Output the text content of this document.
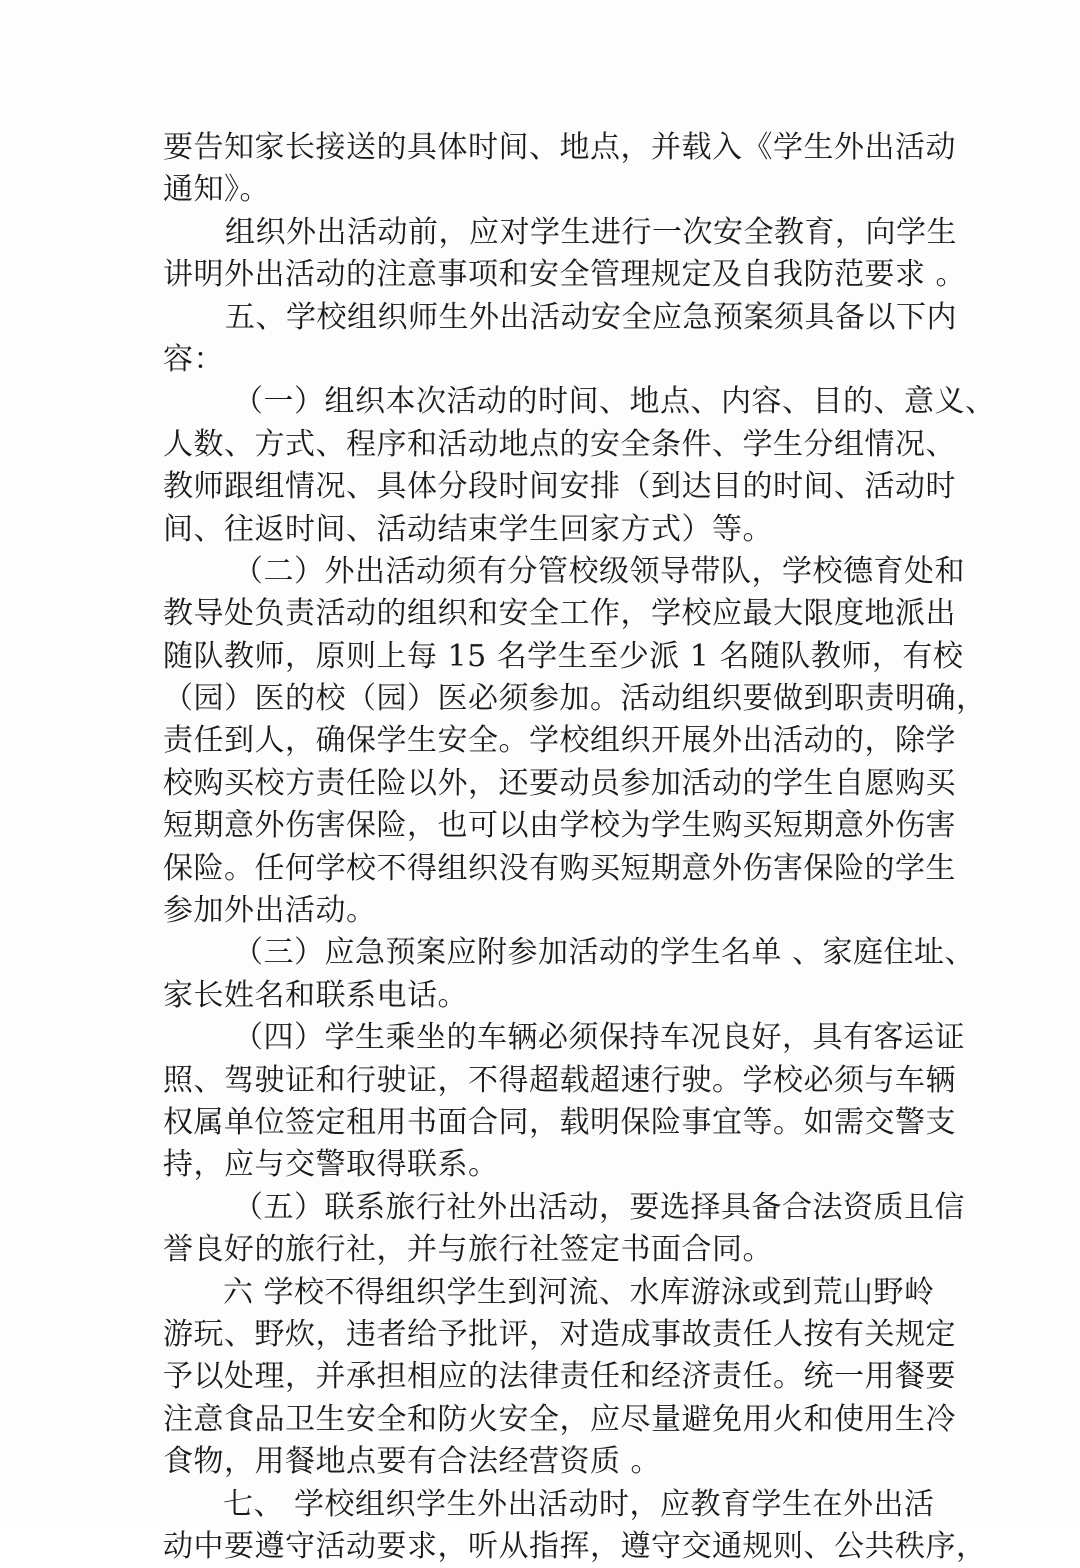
要告知家长接送的具体时间、地点，并载入《学生外出活动
通知》。
组织外出活动前，应对学生进行一次安全教育，向学生
讲明外出活动的注意事项和安全管理规定及自我防范要求 。
五、学校组织师生外出活动安全应急预案须具备以下内
容：
（一）组织本次活动的时间、地点、内容、目的、意义、
人数、方式、程序和活动地点的安全条件、学生分组情况、
教师跟组情况、具体分段时间安排（到达目的时间、活动时
间、往返时间、活动结束学生回家方式）等。
（二）外出活动须有分管校级领导带队，学校德育处和
教导处负责活动的组织和安全工作，学校应最大限度地派出
随队教师，原则上每 15 名学生至少派 1 名随队教师，有校
（园）医的校（园）医必须参加。活动组织要做到职责明确，
责任到人，确保学生安全。学校组织开展外出活动的，除学
校购买校方责任险以外，还要动员参加活动的学生自愿购买
短期意外伤害保险，也可以由学校为学生购买短期意外伤害
保险。任何学校不得组织没有购买短期意外伤害保险的学生
参加外出活动。
（三）应急预案应附参加活动的学生名单 、家庭住址、
家长姓名和联系电话。
（四）学生乘坐的车辆必须保持车况良好，具有客运证
照、驾驶证和行驶证，不得超载超速行驶。学校必须与车辆
权属单位签定租用书面合同，载明保险事宜等。如需交警支
持，应与交警取得联系。
（五）联系旅行社外出活动，要选择具备合法资质且信
誉良好的旅行社，并与旅行社签定书面合同。
六 学校不得组织学生到河流、水库游泳或到荒山野岭
游玩、野炊，违者给予批评，对造成事故责任人按有关规定
予以处理，并承担相应的法律责任和经济责任。统一用餐要
注意食品卫生安全和防火安全，应尽量避免用火和使用生冷
食物，用餐地点要有合法经营资质 。
七、 学校组织学生外出活动时，应教育学生在外出活
动中要遵守活动要求，听从指挥，遵守交通规则、公共秩序，
